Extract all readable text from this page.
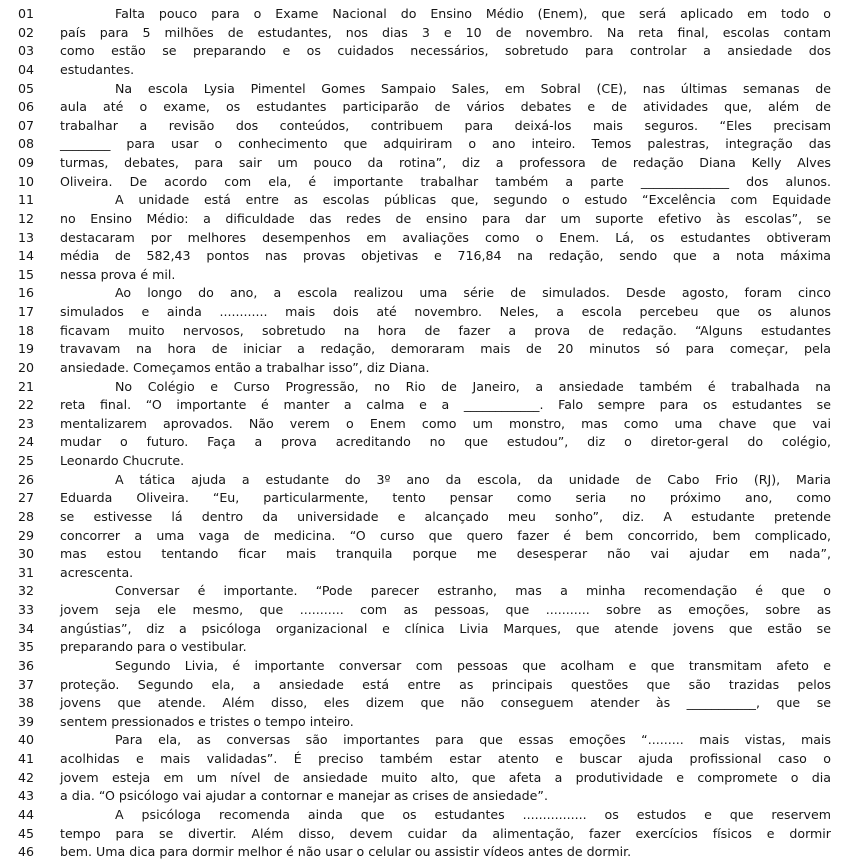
01	Falta pouco para o Exame Nacional do Ensino Médio (Enem), que será aplicado em todo o
02	país para 5 milhões de estudantes, nos dias 3 e 10 de novembro. Na reta final, escolas contam
03	como estão se preparando e os cuidados necessários, sobretudo para controlar a ansiedade dos
04	estudantes.
05	Na escola Lysia Pimentel Gomes Sampaio Sales, em Sobral (CE), nas últimas semanas de
06	aula até o exame, os estudantes participarão de vários debates e de atividades que, além de
07	trabalhar a revisão dos conteúdos, contribuem para deixá-los mais seguros. “Eles precisam
08	________ para usar o conhecimento que adquiriram o ano inteiro. Temos palestras, integração das
09	turmas, debates, para sair um pouco da rotina”, diz a professora de redação Diana Kelly Alves
10	Oliveira. De acordo com ela, é importante trabalhar também a parte ______________ dos alunos.
11	A unidade está entre as escolas públicas que, segundo o estudo “Excelência com Equidade
12	no Ensino Médio: a dificuldade das redes de ensino para dar um suporte efetivo às escolas”, se
13	destacaram por melhores desempenhos em avaliações como o Enem. Lá, os estudantes obtiveram
14	média de 582,43 pontos nas provas objetivas e 716,84 na redação, sendo que a nota máxima
15	nessa prova é mil.
16	Ao longo do ano, a escola realizou uma série de simulados. Desde agosto, foram cinco
17	simulados e ainda ............ mais dois até novembro. Neles, a escola percebeu que os alunos
18	ficavam muito nervosos, sobretudo na hora de fazer a prova de redação. “Alguns estudantes
19	travavam na hora de iniciar a redação, demoraram mais de 20 minutos só para começar, pela
20	ansiedade. Começamos então a trabalhar isso”, diz Diana.
21	No Colégio e Curso Progressão, no Rio de Janeiro, a ansiedade também é trabalhada na
22	reta final. “O importante é manter a calma e a ____________. Falo sempre para os estudantes se
23	mentalizarem aprovados. Não verem o Enem como um monstro, mas como uma chave que vai
24	mudar o futuro. Faça a prova acreditando no que estudou”, diz o diretor-geral do colégio,
25	Leonardo Chucrute.
26	A tática ajuda a estudante do 3º ano da escola, da unidade de Cabo Frio (RJ), Maria
27	Eduarda Oliveira. “Eu, particularmente, tento pensar como seria no próximo ano, como
28	se estivesse lá dentro da universidade e alcançado meu sonho”, diz. A estudante pretende
29	concorrer a uma vaga de medicina. “O curso que quero fazer é bem concorrido, bem complicado,
30	mas estou tentando ficar mais tranquila porque me desesperar não vai ajudar em nada”,
31	acrescenta.
32	Conversar é importante. “Pode parecer estranho, mas a minha recomendação é que o
33	jovem seja ele mesmo, que ........... com as pessoas, que ........... sobre as emoções, sobre as
34	angústias”, diz a psicóloga organizacional e clínica Livia Marques, que atende jovens que estão se
35	preparando para o vestibular.
36	Segundo Livia, é importante conversar com pessoas que acolham e que transmitam afeto e
37	proteção. Segundo ela, a ansiedade está entre as principais questões que são trazidas pelos
38	jovens que atende. Além disso, eles dizem que não conseguem atender às ___________, que se
39	sentem pressionados e tristes o tempo inteiro.
40	Para ela, as conversas são importantes para que essas emoções “......... mais vistas, mais
41	acolhidas e mais validadas”. É preciso também estar atento e buscar ajuda profissional caso o
42	jovem esteja em um nível de ansiedade muito alto, que afeta a produtividade e compromete o dia
43	a dia. “O psicólogo vai ajudar a contornar e manejar as crises de ansiedade”.
44	A psicóloga recomenda ainda que os estudantes ................ os estudos e que reservem
45	tempo para se divertir. Além disso, devem cuidar da alimentação, fazer exercícios físicos e dormir
46	bem. Uma dica para dormir melhor é não usar o celular ou assistir vídeos antes de dormir.
